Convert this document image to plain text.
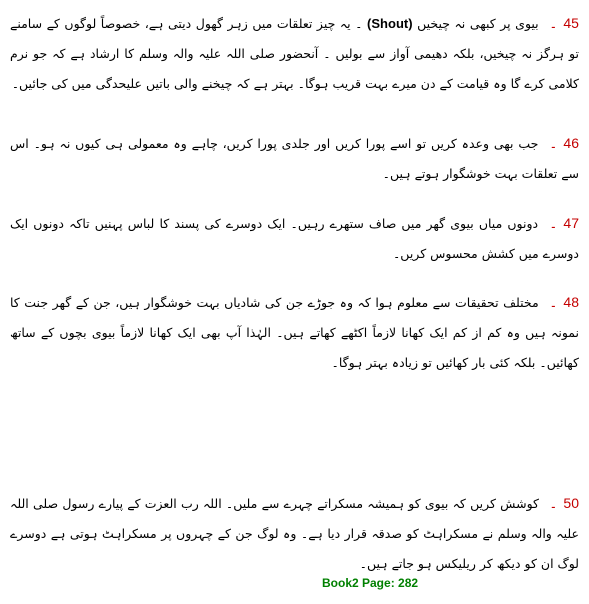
45۔ بیوی پر کبھی نہ چیخیں (Shout) ۔ یہ چیز تعلقات میں زہر گھول دیتی ہے، خصوصاً لوگوں کے سامنے تو ہرگز نہ چیخیں، بلکہ دھیمی آواز سے بولیں ۔ آنحضور صلی اللہ علیہ والہ وسلم کا ارشاد ہے کہ جو نرم کلامی کرے گا وہ قیامت کے دن میرے بہت قریب ہوگا۔ بہتر ہے کہ چیخنے والی باتیں علیحدگی میں کی جائیں۔
46۔ جب بھی وعدہ کریں تو اسے پورا کریں اور جلدی پورا کریں، چاہے وہ معمولی ہی کیوں نہ ہو۔ اس سے تعلقات بہت خوشگوار ہوتے ہیں۔
47۔ دونوں میاں بیوی گھر میں صاف ستھرے رہیں۔ ایک دوسرے کی پسند کا لباس پہنیں تاکہ دونوں ایک دوسرے میں کشش محسوس کریں۔
48۔ مختلف تحقیقات سے معلوم ہوا کہ وہ جوڑے جن کی شادیاں بہت خوشگوار ہیں، جن کے گھر جنت کا نمونہ ہیں وہ کم از کم ایک کھانا لازماً اکٹھے کھاتے ہیں۔ الہٰذا آپ بھی ایک کھانا لازماً بیوی بچوں کے ساتھ کھائیں۔ بلکہ کئی بار کھائیں تو زیادہ بہتر ہوگا۔
50۔ کوشش کریں کہ بیوی کو ہمیشہ مسکراتے چہرے سے ملیں۔ اللہ رب العزت کے پیارے رسول صلی اللہ علیہ والہ وسلم نے مسکراہٹ کو صدقہ قرار دیا ہے۔ وہ لوگ جن کے چہروں پر مسکراہٹ ہوتی ہے دوسرے لوگ ان کو دیکھ کر ریلیکس ہو جاتے ہیں۔
Book2 Page: 282
